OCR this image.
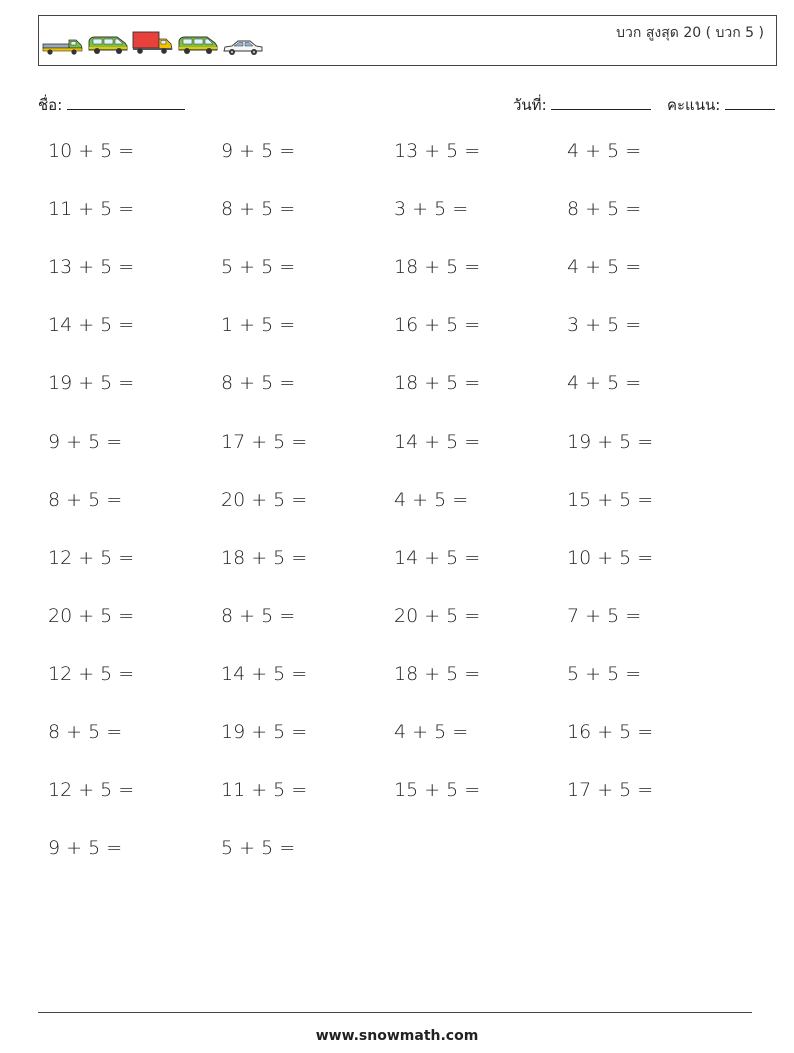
บวก สูงสุด 20 ( บวก 5 )
ชื่อ:	วันที่:	คะแนน:
10 + 5 =	9 + 5 =	13 + 5 =	4 + 5 =
11 + 5 =	8 + 5 =	3 + 5 =	8 + 5 =
13 + 5 =	5 + 5 =	18 + 5 =	4 + 5 =
14 + 5 =	1 + 5 =	16 + 5 =	3 + 5 =
19 + 5 =	8 + 5 =	18 + 5 =	4 + 5 =
9 + 5 =	17 + 5 =	14 + 5 =	19 + 5 =
8 + 5 =	20 + 5 =	4 + 5 =	15 + 5 =
12 + 5 =	18 + 5 =	14 + 5 =	10 + 5 =
20 + 5 =	8 + 5 =	20 + 5 =	7 + 5 =
12 + 5 =	14 + 5 =	18 + 5 =	5 + 5 =
8 + 5 =	19 + 5 =	4 + 5 =	16 + 5 =
12 + 5 =	11 + 5 =	15 + 5 =	17 + 5 =
9 + 5 =	5 + 5 =
www.snowmath.com
